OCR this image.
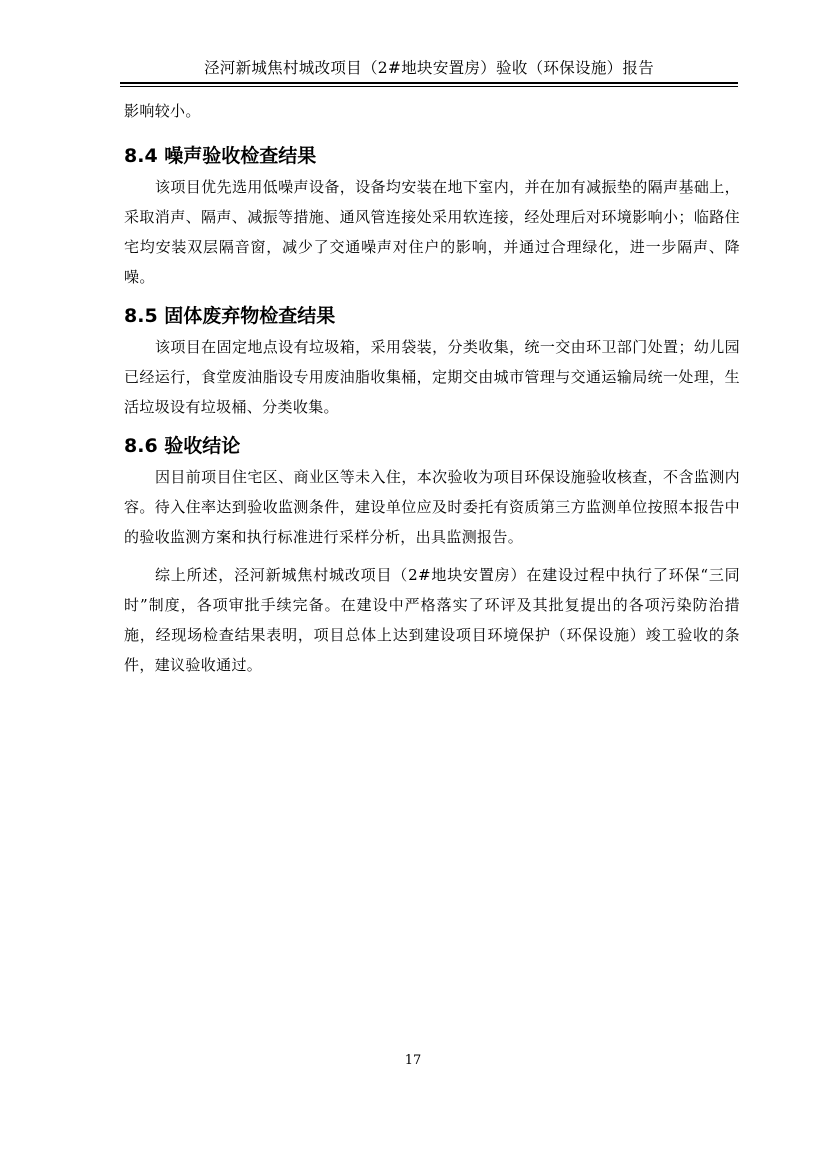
泾河新城焦村城改项目（2#地块安置房）验收（环保设施）报告

影响较小。

8.4 噪声验收检查结果

该项目优先选用低噪声设备，设备均安装在地下室内，并在加有减振垫的隔声基础上，采取消声、隔声、减振等措施、通风管连接处采用软连接，经处理后对环境影响小；临路住宅均安装双层隔音窗，减少了交通噪声对住户的影响，并通过合理绿化，进一步隔声、降噪。

8.5 固体废弃物检查结果

该项目在固定地点设有垃圾箱，采用袋装，分类收集，统一交由环卫部门处置；幼儿园已经运行，食堂废油脂设专用废油脂收集桶，定期交由城市管理与交通运输局统一处理，生活垃圾设有垃圾桶、分类收集。

8.6 验收结论

因目前项目住宅区、商业区等未入住，本次验收为项目环保设施验收核查，不含监测内容。待入住率达到验收监测条件，建设单位应及时委托有资质第三方监测单位按照本报告中的验收监测方案和执行标准进行采样分析，出具监测报告。

综上所述，泾河新城焦村城改项目（2#地块安置房）在建设过程中执行了环保“三同时”制度，各项审批手续完备。在建设中严格落实了环评及其批复提出的各项污染防治措施，经现场检查结果表明，项目总体上达到建设项目环境保护（环保设施）竣工验收的条件，建议验收通过。

17
